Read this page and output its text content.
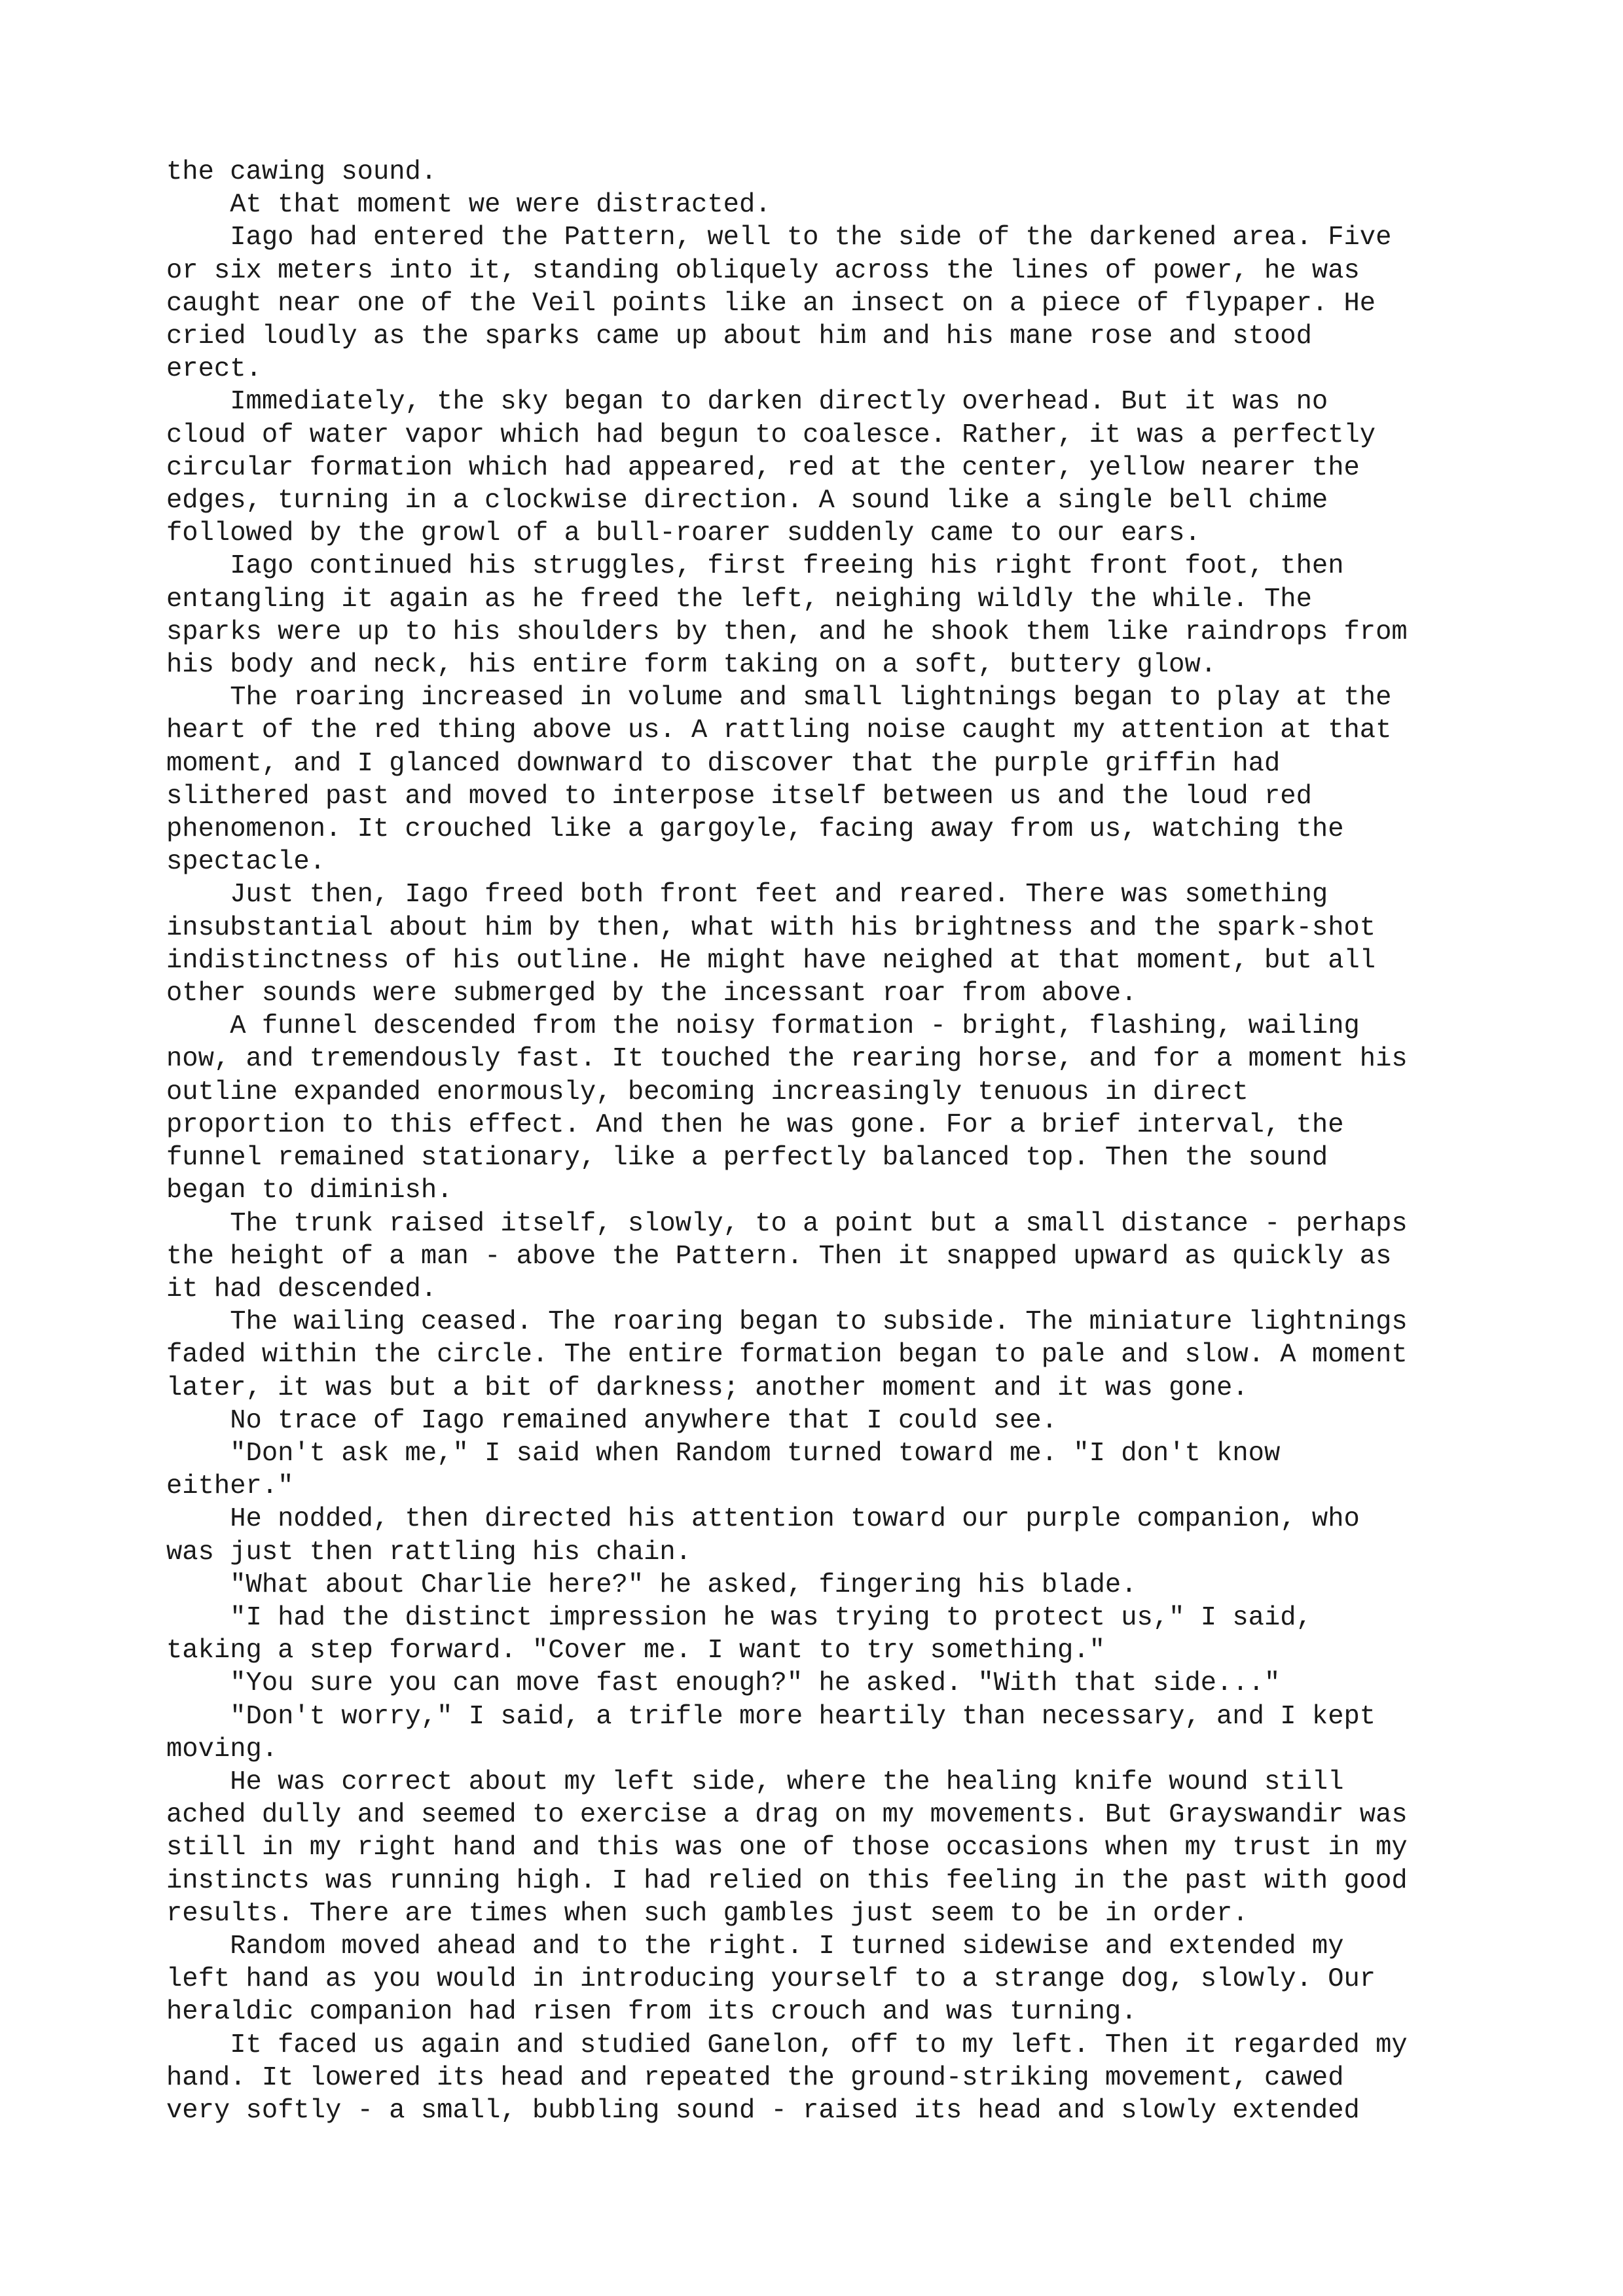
the cawing sound.
At that moment we were distracted.
Iago had entered the Pattern, well to the side of the darkened area. Five
or six meters into it, standing obliquely across the lines of power, he was
caught near one of the Veil points like an insect on a piece of flypaper. He
cried loudly as the sparks came up about him and his mane rose and stood
erect.
Immediately, the sky began to darken directly overhead. But it was no
cloud of water vapor which had begun to coalesce. Rather, it was a perfectly
circular formation which had appeared, red at the center, yellow nearer the
edges, turning in a clockwise direction. A sound like a single bell chime
followed by the growl of a bull-roarer suddenly came to our ears.
Iago continued his struggles, first freeing his right front foot, then
entangling it again as he freed the left, neighing wildly the while. The
sparks were up to his shoulders by then, and he shook them like raindrops from
his body and neck, his entire form taking on a soft, buttery glow.
The roaring increased in volume and small lightnings began to play at the
heart of the red thing above us. A rattling noise caught my attention at that
moment, and I glanced downward to discover that the purple griffin had
slithered past and moved to interpose itself between us and the loud red
phenomenon. It crouched like a gargoyle, facing away from us, watching the
spectacle.
Just then, Iago freed both front feet and reared. There was something
insubstantial about him by then, what with his brightness and the spark-shot
indistinctness of his outline. He might have neighed at that moment, but all
other sounds were submerged by the incessant roar from above.
A funnel descended from the noisy formation - bright, flashing, wailing
now, and tremendously fast. It touched the rearing horse, and for a moment his
outline expanded enormously, becoming increasingly tenuous in direct
proportion to this effect. And then he was gone. For a brief interval, the
funnel remained stationary, like a perfectly balanced top. Then the sound
began to diminish.
The trunk raised itself, slowly, to a point but a small distance - perhaps
the height of a man - above the Pattern. Then it snapped upward as quickly as
it had descended.
The wailing ceased. The roaring began to subside. The miniature lightnings
faded within the circle. The entire formation began to pale and slow. A moment
later, it was but a bit of darkness; another moment and it was gone.
No trace of Iago remained anywhere that I could see.
"Don't ask me," I said when Random turned toward me. "I don't know
either."
He nodded, then directed his attention toward our purple companion, who
was just then rattling his chain.
"What about Charlie here?" he asked, fingering his blade.
"I had the distinct impression he was trying to protect us," I said,
taking a step forward. "Cover me. I want to try something."
"You sure you can move fast enough?" he asked. "With that side..."
"Don't worry," I said, a trifle more heartily than necessary, and I kept
moving.
He was correct about my left side, where the healing knife wound still
ached dully and seemed to exercise a drag on my movements. But Grayswandir was
still in my right hand and this was one of those occasions when my trust in my
instincts was running high. I had relied on this feeling in the past with good
results. There are times when such gambles just seem to be in order.
Random moved ahead and to the right. I turned sidewise and extended my
left hand as you would in introducing yourself to a strange dog, slowly. Our
heraldic companion had risen from its crouch and was turning.
It faced us again and studied Ganelon, off to my left. Then it regarded my
hand. It lowered its head and repeated the ground-striking movement, cawed
very softly - a small, bubbling sound - raised its head and slowly extended
